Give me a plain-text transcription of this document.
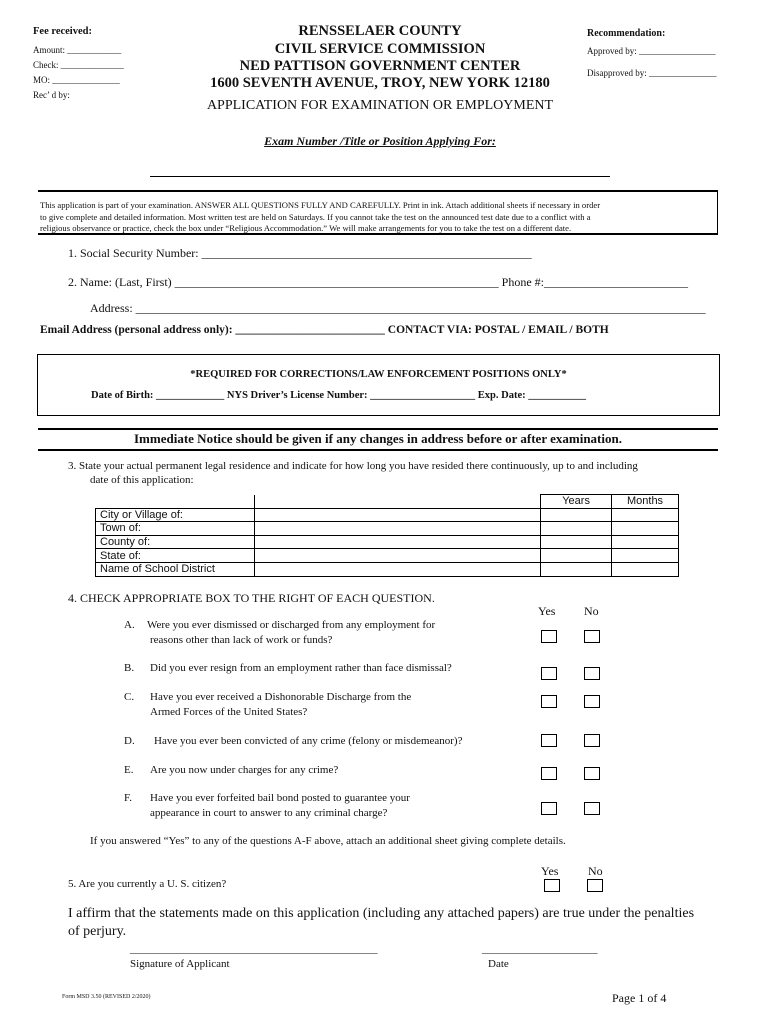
Fee received:
Amount: ____________
Check: ______________
MO: _______________
Rec’ d by:
RENSSELAER COUNTY
CIVIL SERVICE COMMISSION
NED PATTISON GOVERNMENT CENTER
1600 SEVENTH AVENUE, TROY, NEW YORK 12180
APPLICATION FOR EXAMINATION OR EMPLOYMENT
Exam Number /Title or Position Applying For:
Recommendation:
Approved by: _________________
Disapproved by: _______________
This application is part of your examination. ANSWER ALL QUESTIONS FULLY AND CAREFULLY. Print in ink. Attach additional sheets if necessary in order
to give complete and detailed information. Most written test are held on Saturdays. If you cannot take the test on the announced test date due to a conflict with a
religious observance or practice, check the box under “Religious Accommodation.” We will make arrangements for you to take the test on a different date.
1. Social Security Number: _______________________________________________________
2. Name: (Last, First) ______________________________________________________ Phone #:________________________
Address: _______________________________________________________________________________________________
Email Address (personal address only): __________________________ CONTACT VIA: POSTAL / EMAIL / BOTH
*REQUIRED FOR CORRECTIONS/LAW ENFORCEMENT POSITIONS ONLY*
Date of Birth: _____________ NYS Driver’s License Number: ____________________ Exp. Date: ___________
Immediate Notice should be given if any changes in address before or after examination.
3. State your actual permanent legal residence and indicate for how long you have resided there continuously, up to and including
date of this application:
		Years	Months
City or Village of:			
Town of:			
County of:			
State of:			
Name of School District			
4. CHECK APPROPRIATE BOX TO THE RIGHT OF EACH QUESTION.
Yes No
A. Were you ever dismissed or discharged from any employment for
reasons other than lack of work or funds?
B. Did you ever resign from an employment rather than face dismissal?
C. Have you ever received a Dishonorable Discharge from the
Armed Forces of the United States?
D. Have you ever been convicted of any crime (felony or misdemeanor)?
E. Are you now under charges for any crime?
F. Have you ever forfeited bail bond posted to guarantee your
appearance in court to answer to any criminal charge?
If you answered “Yes” to any of the questions A-F above, attach an additional sheet giving complete details.
Yes No
5. Are you currently a U. S. citizen?
I affirm that the statements made on this application (including any attached papers) are true under the penalties
of perjury.
_____________________________________________	_____________________
Signature of Applicant	Date
Form MSD 3.50 (REVISED 2/2020)	Page 1 of 4
